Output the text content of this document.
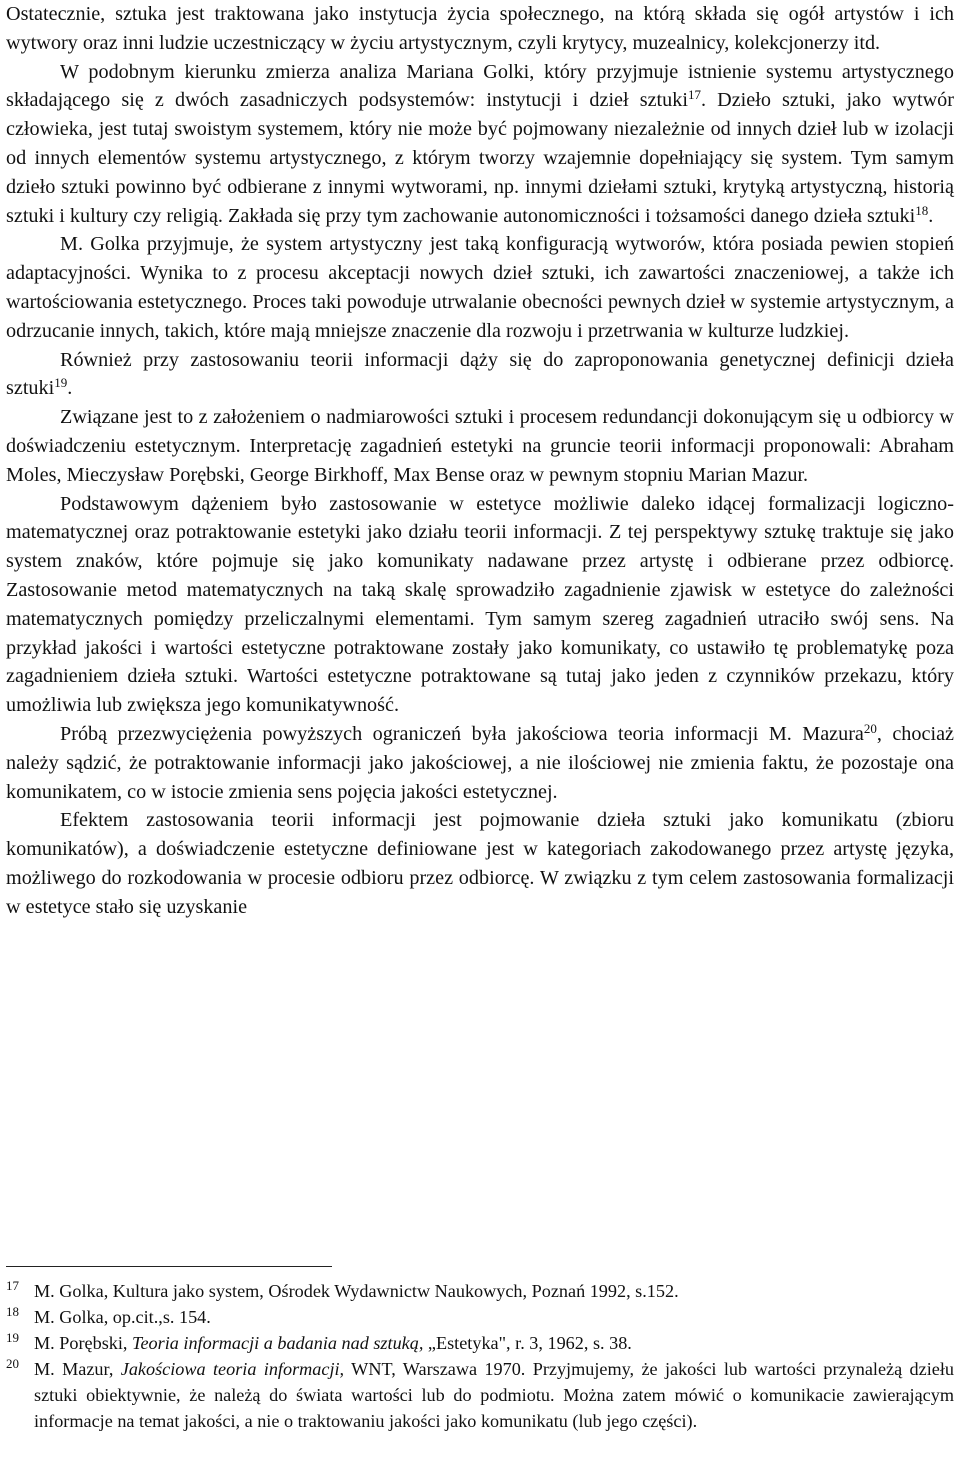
Ostatecznie, sztuka jest traktowana jako instytucja życia społecznego, na którą składa się ogół artystów i ich wytwory oraz inni ludzie uczestniczący w życiu artystycznym, czyli krytycy, muzealnicy, kolekcjonerzy itd.

W podobnym kierunku zmierza analiza Mariana Golki, który przyjmuje istnienie systemu artystycznego składającego się z dwóch zasadniczych podsystemów: instytucji i dzieł sztuki$^{17}$. Dzieło sztuki, jako wytwór człowieka, jest tutaj swoistym systemem, który nie może być pojmowany niezależnie od innych dzieł lub w izolacji od innych elementów systemu artystycznego, z którym tworzy wzajemnie dopełniający się system. Tym samym dzieło sztuki powinno być odbierane z innymi wytworami, np. innymi dziełami sztuki, krytyką artystyczną, historią sztuki i kultury czy religią. Zakłada się przy tym zachowanie autonomiczności i tożsamości danego dzieła sztuki$^{18}$.

M. Golka przyjmuje, że system artystyczny jest taką konfiguracją wytworów, która posiada pewien stopień adaptacyjności. Wynika to z procesu akceptacji nowych dzieł sztuki, ich zawartości znaczeniowej, a także ich wartościowania estetycznego. Proces taki powoduje utrwalanie obecności pewnych dzieł w systemie artystycznym, a odrzucanie innych, takich, które mają mniejsze znaczenie dla rozwoju i przetrwania w kulturze ludzkiej.

Również przy zastosowaniu teorii informacji dąży się do zaproponowania genetycznej definicji dzieła sztuki$^{19}$.

Związane jest to z założeniem o nadmiarowości sztuki i procesem redundancji dokonującym się u odbiorcy w doświadczeniu estetycznym. Interpretację zagadnień estetyki na gruncie teorii informacji proponowali: Abraham Moles, Mieczysław Porębski, George Birkhoff, Max Bense oraz w pewnym stopniu Marian Mazur.

Podstawowym dążeniem było zastosowanie w estetyce możliwie daleko idącej formalizacji logiczno-matematycznej oraz potraktowanie estetyki jako działu teorii informacji. Z tej perspektywy sztukę traktuje się jako system znaków, które pojmuje się jako komunikaty nadawane przez artystę i odbierane przez odbiorcę. Zastosowanie metod matematycznych na taką skalę sprowadziło zagadnienie zjawisk w estetyce do zależności matematycznych pomiędzy przeliczalnymi elementami. Tym samym szereg zagadnień utraciło swój sens. Na przykład jakości i wartości estetyczne potraktowane zostały jako komunikaty, co ustawiło tę problematykę poza zagadnieniem dzieła sztuki. Wartości estetyczne potraktowane są tutaj jako jeden z czynników przekazu, który umożliwia lub zwiększa jego komunikatywność.

Próbą przezwyciężenia powyższych ograniczeń była jakościowa teoria informacji M. Mazura$^{20}$, chociaż należy sądzić, że potraktowanie informacji jako jakościowej, a nie ilościowej nie zmienia faktu, że pozostaje ona komunikatem, co w istocie zmienia sens pojęcia jakości estetycznej.

Efektem zastosowania teorii informacji jest pojmowanie dzieła sztuki jako komunikatu (zbioru komunikatów), a doświadczenie estetyczne definiowane jest w kategoriach zakodowanego przez artystę języka, możliwego do rozkodowania w procesie odbioru przez odbiorcę. W związku z tym celem zastosowania formalizacji w estetyce stało się uzyskanie

17 M. Golka, Kultura jako system, Ośrodek Wydawnictw Naukowych, Poznań 1992, s.152.
18 M. Golka, op.cit.,s. 154.
19 M. Porębski, Teoria informacji a badania nad sztuką, „Estetyka", r. 3, 1962, s. 38.
20 M. Mazur, Jakościowa teoria informacji, WNT, Warszawa 1970. Przyjmujemy, że jakości lub wartości przynależą dziełu sztuki obiektywnie, że należą do świata wartości lub do podmiotu. Można zatem mówić o komunikacie zawierającym informacje na temat jakości, a nie o traktowaniu jakości jako komunikatu (lub jego części).
